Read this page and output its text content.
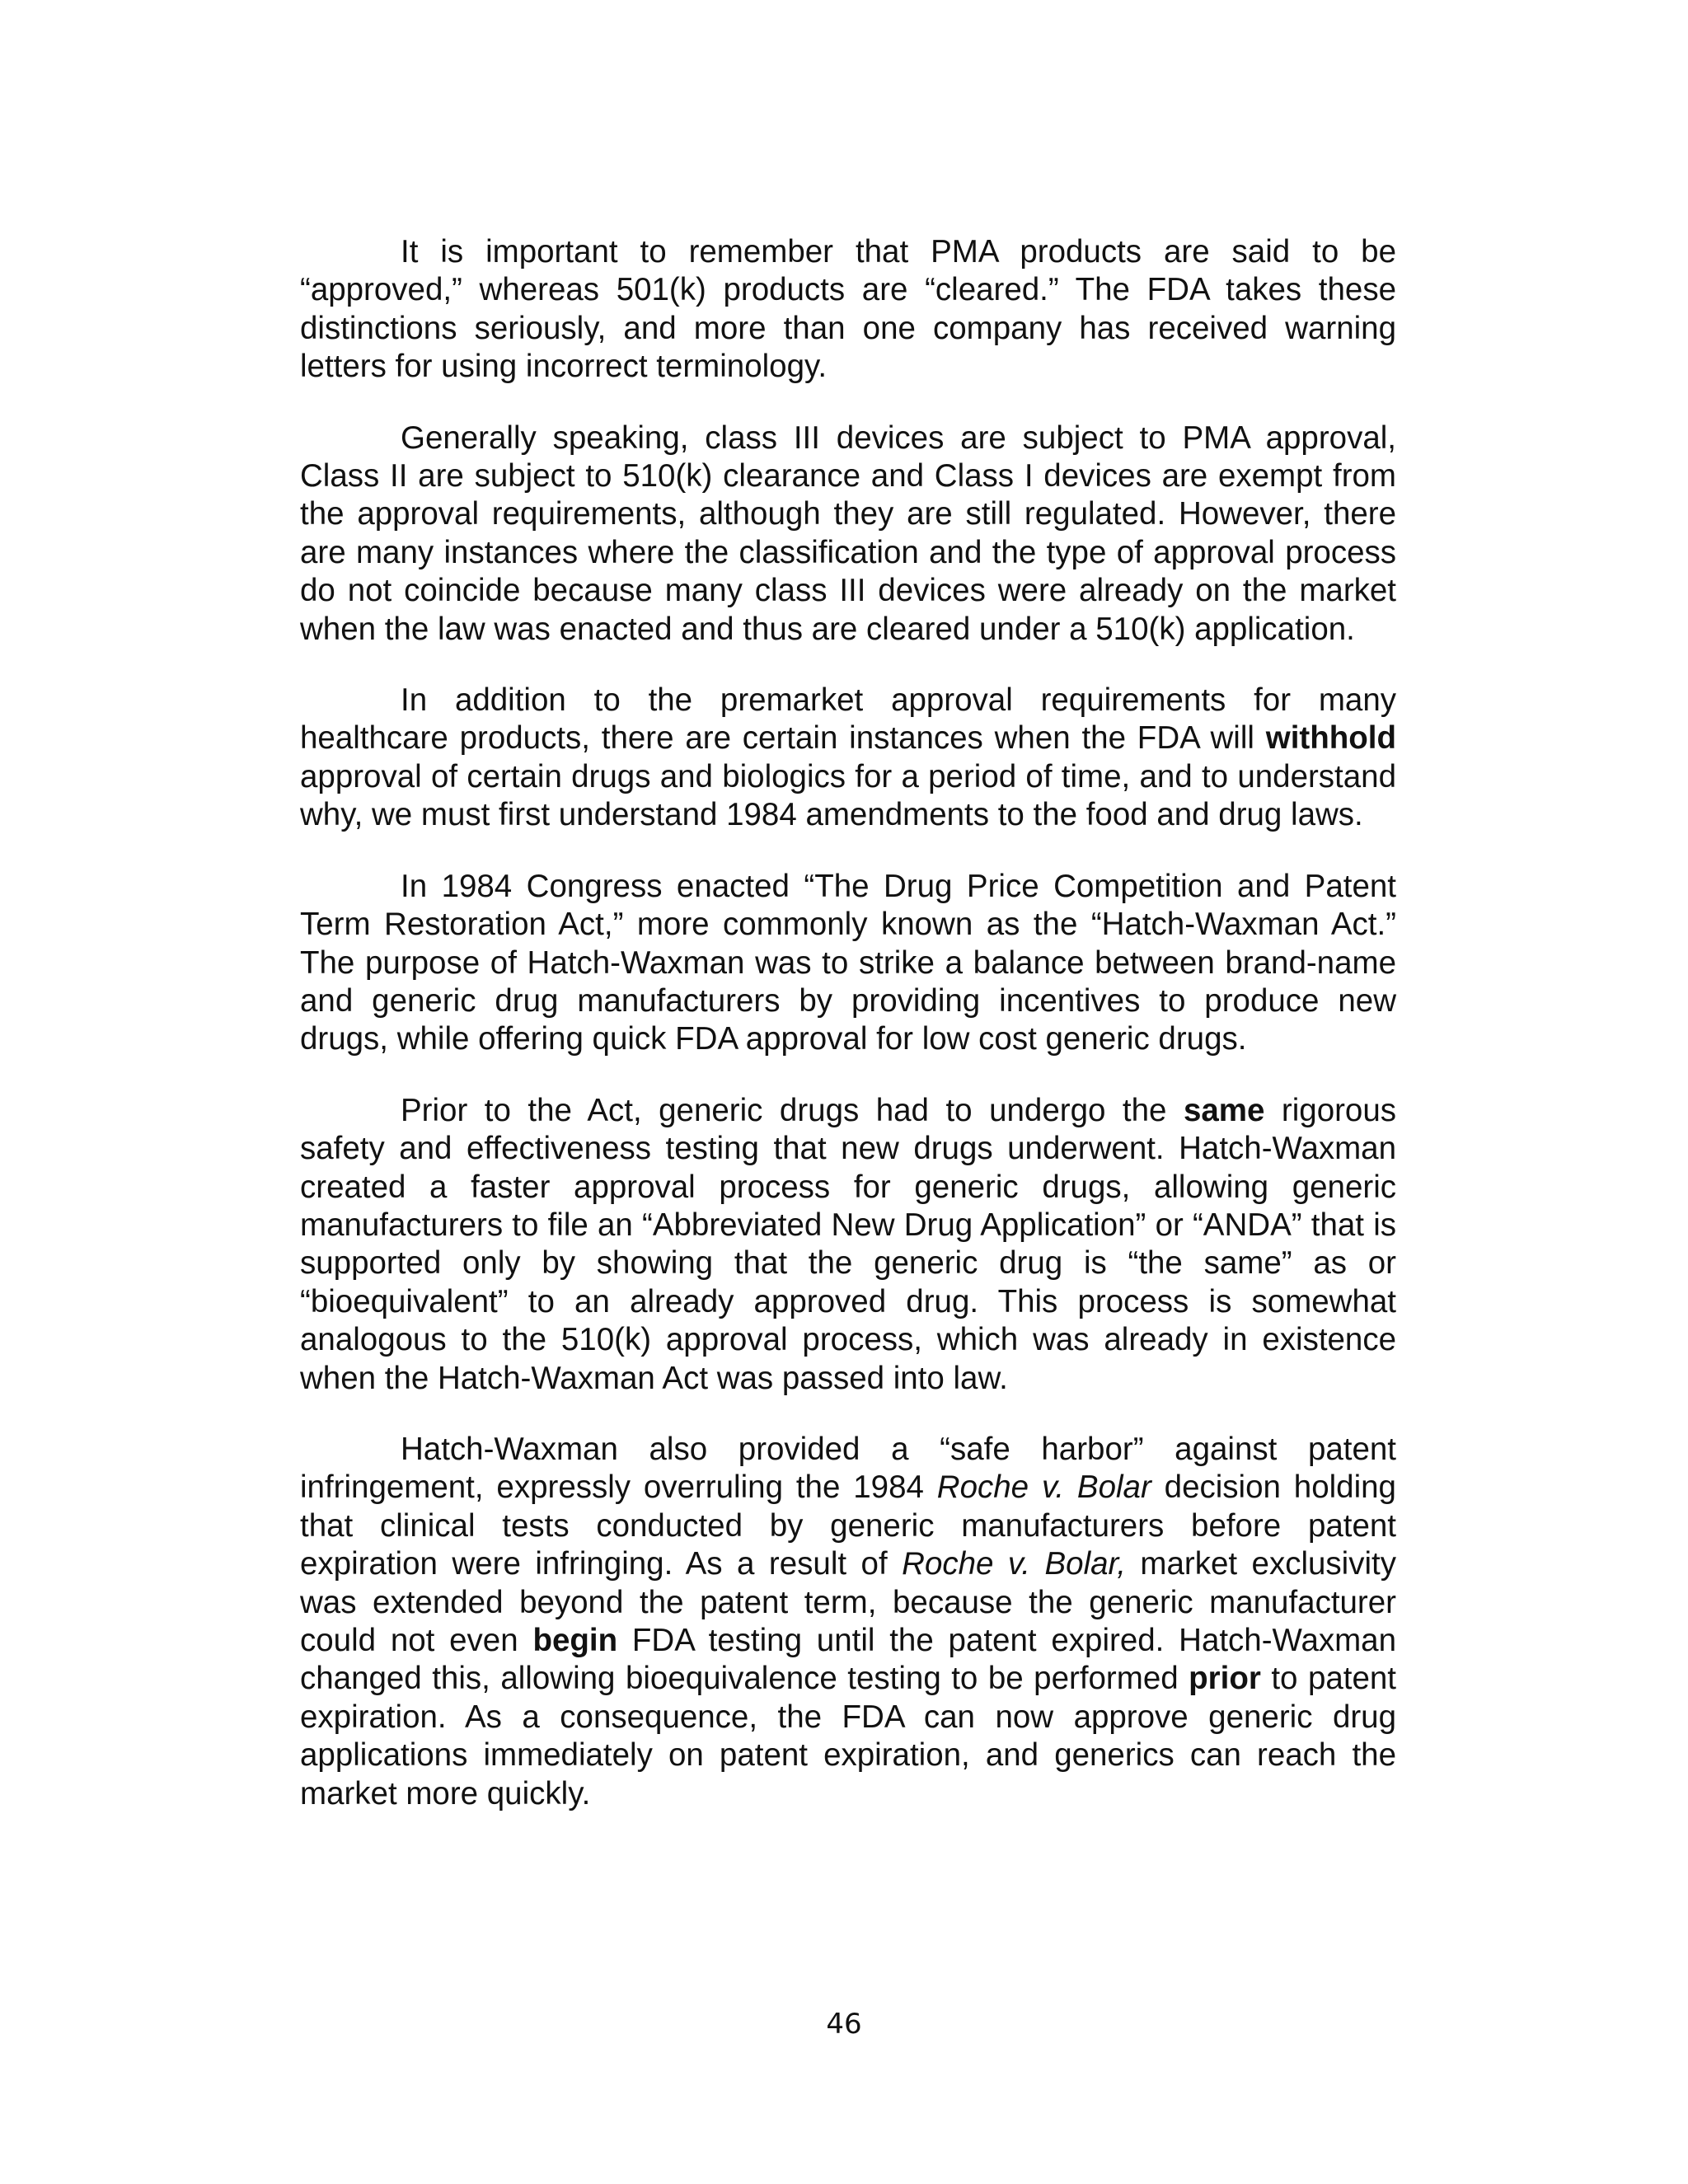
It is important to remember that PMA products are said to be “approved,” whereas 501(k) products are “cleared.” The FDA takes these distinctions seriously, and more than one company has received warning letters for using incorrect terminology.

Generally speaking, class III devices are subject to PMA approval, Class II are subject to 510(k) clearance and Class I devices are exempt from the approval requirements, although they are still regulated. However, there are many instances where the classification and the type of approval process do not coincide because many class III devices were already on the market when the law was enacted and thus are cleared under a 510(k) application.

In addition to the premarket approval requirements for many healthcare products, there are certain instances when the FDA will withhold approval of certain drugs and biologics for a period of time, and to understand why, we must first understand 1984 amendments to the food and drug laws.

In 1984 Congress enacted “The Drug Price Competition and Patent Term Restoration Act,” more commonly known as the “Hatch-Waxman Act.” The purpose of Hatch-Waxman was to strike a balance between brand-name and generic drug manufacturers by providing incentives to produce new drugs, while offering quick FDA approval for low cost generic drugs.

Prior to the Act, generic drugs had to undergo the same rigorous safety and effectiveness testing that new drugs underwent. Hatch-Waxman created a faster approval process for generic drugs, allowing generic manufacturers to file an “Abbreviated New Drug Application” or “ANDA” that is supported only by showing that the generic drug is “the same” as or “bioequivalent” to an already approved drug. This process is somewhat analogous to the 510(k) approval process, which was already in existence when the Hatch-Waxman Act was passed into law.

Hatch-Waxman also provided a “safe harbor” against patent infringement, expressly overruling the 1984 Roche v. Bolar decision holding that clinical tests conducted by generic manufacturers before patent expiration were infringing. As a result of Roche v. Bolar, market exclusivity was extended beyond the patent term, because the generic manufacturer could not even begin FDA testing until the patent expired. Hatch-Waxman changed this, allowing bioequivalence testing to be performed prior to patent expiration. As a consequence, the FDA can now approve generic drug applications immediately on patent expiration, and generics can reach the market more quickly.

46
